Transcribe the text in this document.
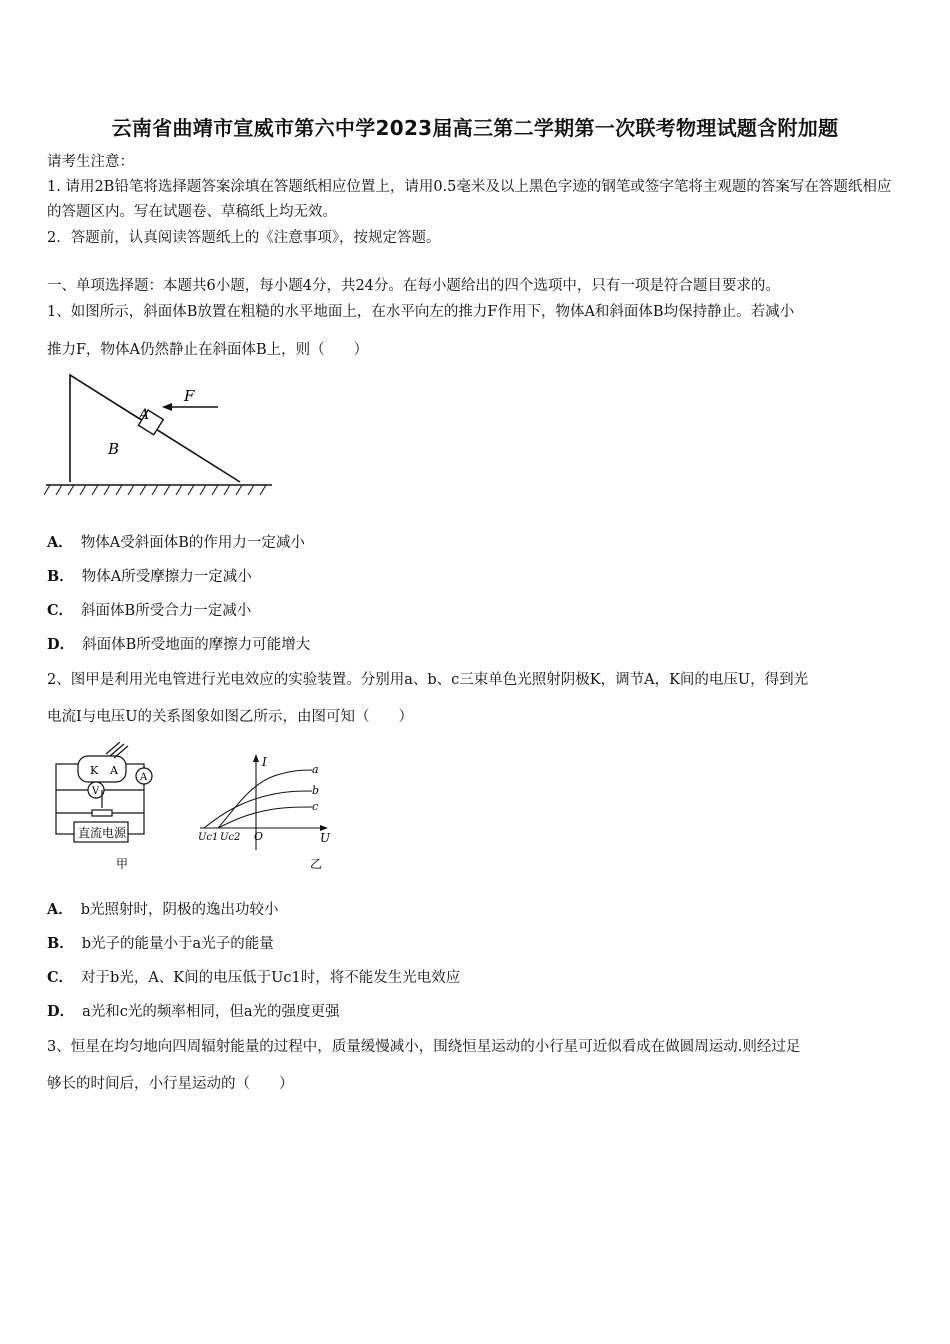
云南省曲靖市宣威市第六中学2023届高三第二学期第一次联考物理试题含附加题
请考生注意：
1. 请用2B铅笔将选择题答案涂填在答题纸相应位置上，请用0.5毫米及以上黑色字迹的钢笔或签字笔将主观题的答案写在答题纸相应的答题区内。写在试题卷、草稿纸上均无效。
2．答题前，认真阅读答题纸上的《注意事项》，按规定答题。
一、单项选择题：本题共6小题，每小题4分，共24分。在每小题给出的四个选项中，只有一项是符合题目要求的。
1、如图所示，斜面体B放置在粗糙的水平地面上，在水平向左的推力F作用下，物体A和斜面体B均保持静止。若减小
推力F，物体A仍然静止在斜面体B上，则（　　）
A
F
B
A． 物体A受斜面体B的作用力一定减小
B． 物体A所受摩擦力一定减小
C． 斜面体B所受合力一定减小
D． 斜面体B所受地面的摩擦力可能增大
2、图甲是利用光电管进行光电效应的实验装置。分别用a、b、c三束单色光照射阴极K，调节A，K间的电压U，得到光
电流I与电压U的关系图象如图乙所示，由图可知（　　）
K A
A
V
直流电源
甲
a
b
c
I
U
O
Uc1 Uc2
乙
A． b光照射时，阴极的逸出功较小
B． b光子的能量小于a光子的能量
C． 对于b光，A、K间的电压低于Uc1时，将不能发生光电效应
D． a光和c光的频率相同，但a光的强度更强
3、恒星在均匀地向四周辐射能量的过程中，质量缓慢减小，围绕恒星运动的小行星可近似看成在做圆周运动.则经过足
够长的时间后，小行星运动的（　　）
